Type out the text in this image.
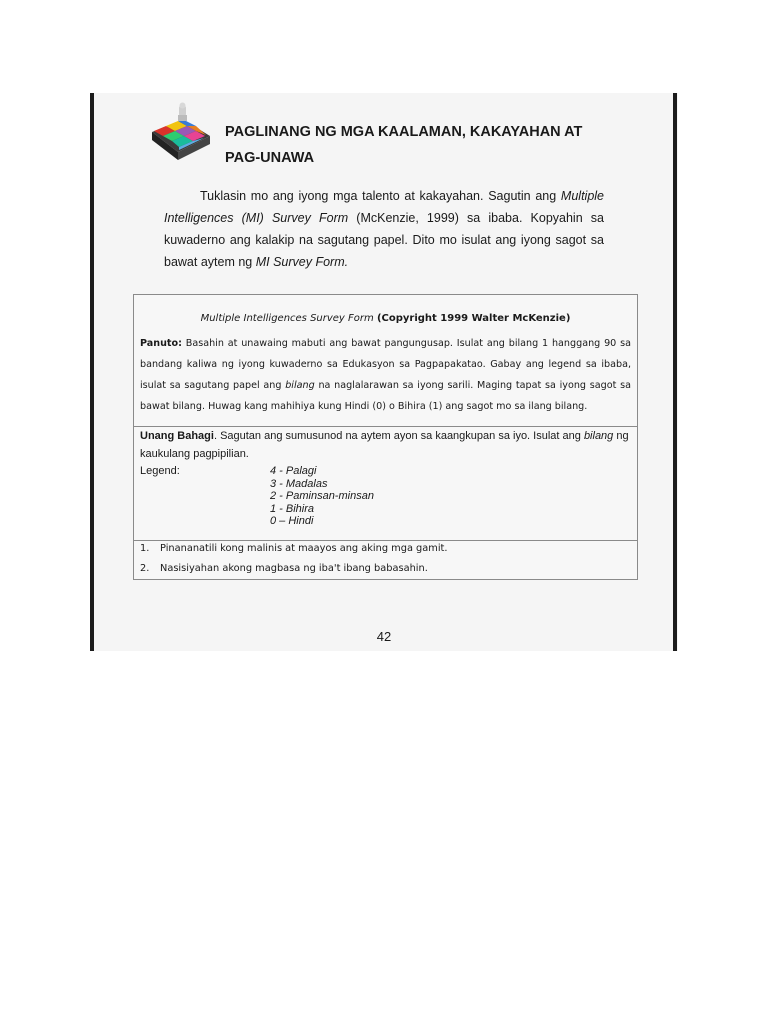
PAGLINANG NG MGA KAALAMAN, KAKAYAHAN AT
PAG-UNAWA
Tuklasin mo ang iyong mga talento at kakayahan. Sagutin ang Multiple Intelligences (MI) Survey Form (McKenzie, 1999) sa ibaba. Kopyahin sa kuwaderno ang kalakip na sagutang papel. Dito mo isulat ang iyong sagot sa bawat aytem ng MI Survey Form.
Multiple Intelligences Survey Form (Copyright 1999 Walter McKenzie)
Panuto: Basahin at unawaing mabuti ang bawat pangungusap. Isulat ang bilang 1 hanggang 90 sa bandang kaliwa ng iyong kuwaderno sa Edukasyon sa Pagpapakatao. Gabay ang legend sa ibaba, isulat sa sagutang papel ang bilang na naglalarawan sa iyong sarili. Maging tapat sa iyong sagot sa bawat bilang. Huwag kang mahihiya kung Hindi (0) o Bihira (1) ang sagot mo sa ilang bilang.
Unang Bahagi. Sagutan ang sumusunod na aytem ayon sa kaangkupan sa iyo. Isulat ang bilang ng kaukulang pagpipilian.
Legend:	4 - Palagi
3 - Madalas
2 - Paminsan-minsan
1 - Bihira
0 – Hindi
1. Pinananatili kong malinis at maayos ang aking mga gamit.
2. Nasisiyahan akong magbasa ng iba't ibang babasahin.
42
